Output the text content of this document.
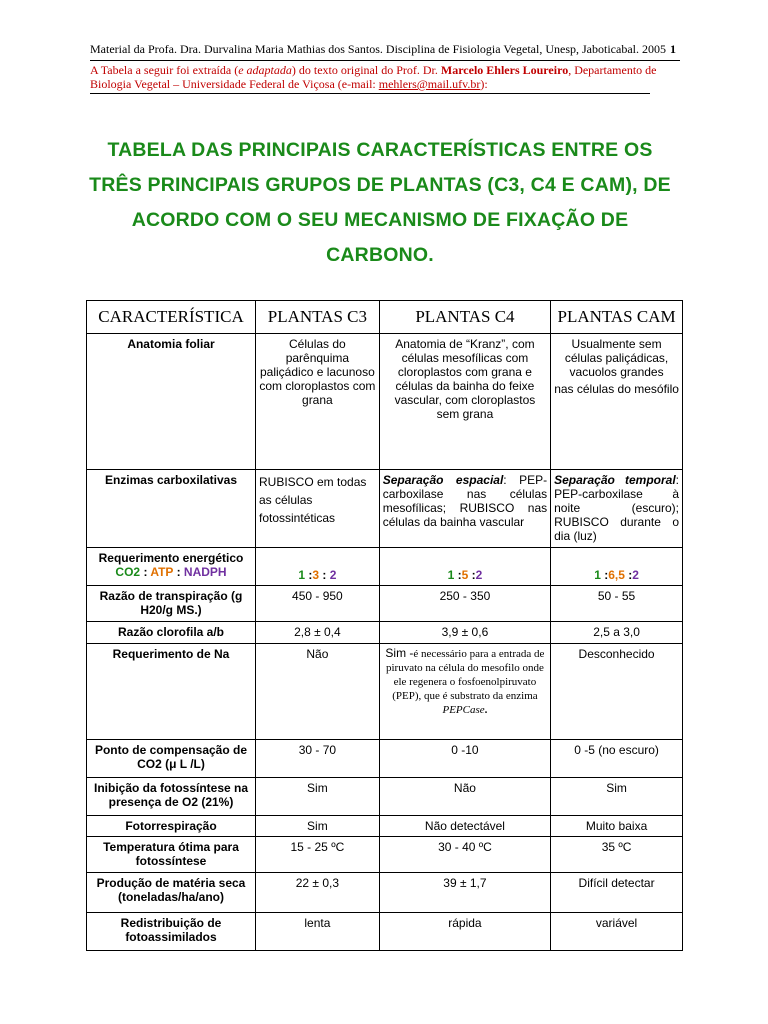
Material da Profa. Dra. Durvalina Maria Mathias dos Santos. Disciplina de Fisiologia Vegetal, Unesp, Jaboticabal. 2005 1
A Tabela a seguir foi extraída (e adaptada) do texto original do Prof. Dr. Marcelo Ehlers Loureiro, Departamento de Biologia Vegetal – Universidade Federal de Viçosa (e-mail: mehlers@mail.ufv.br):
TABELA DAS PRINCIPAIS CARACTERÍSTICAS ENTRE OS TRÊS PRINCIPAIS GRUPOS DE PLANTAS (C3, C4 E CAM), DE ACORDO COM O SEU MECANISMO DE FIXAÇÃO DE CARBONO.
CARACTERÍSTICA	PLANTAS C3	PLANTAS C4	PLANTAS CAM
Anatomia foliar	Células do parênquima paliçádico e lacunoso com cloroplastos com grana	Anatomia de “Kranz”, com células mesofílicas com cloroplastos com grana e células da bainha do feixe vascular, com cloroplastos sem grana	Usualmente sem células paliçádicas, vacuolos grandes
nas células do mesófilo

Enzimas carboxilativas	RUBISCO em todas as células fotossintéticas	Separação espacial: PEP-carboxilase nas células mesofílicas; RUBISCO nas células da bainha vascular	Separação temporal: PEP-carboxilase à noite (escuro); RUBISCO durante o dia (luz)

Requerimento energético
CO2 : ATP : NADPH	1 :3 : 2	1 :5 :2	1 :6,5 :2
Razão de transpiração (g H20/g MS.)	450 - 950	250 - 350	50 - 55
Razão clorofila a/b	2,8 ± 0,4	3,9 ± 0,6	2,5 a 3,0
Requerimento de Na	Não	Sim -é necessário para a entrada de piruvato na célula do mesofilo onde ele regenera o fosfoenolpiruvato (PEP), que é substrato da enzima PEPCase.	Desconhecido
Ponto de compensação de CO2 (μ L /L)	30 - 70	0 -10	0 -5 (no escuro)
Inibição da fotossíntese na presença de O2 (21%)	Sim	Não	Sim
Fotorrespiração	Sim	Não detectável	Muito baixa
Temperatura ótima para fotossíntese	15 - 25 ºC	30 - 40 ºC	35 ºC
Produção de matéria seca (toneladas/ha/ano)	22 ± 0,3	39 ± 1,7	Difícil detectar
Redistribuição de fotoassimilados	lenta	rápida	variável
